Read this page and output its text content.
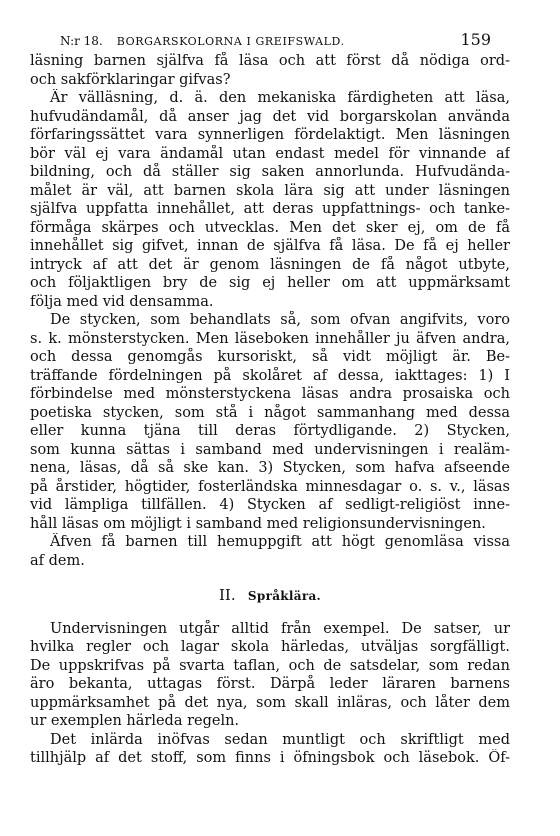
N:r 18. BORGARSKOLORNA I GREIFSWALD.	159
läsning barnen själfva få läsa och att först då nödiga ord-
och sakförklaringar gifvas?
Är välläsning, d. ä. den mekaniska färdigheten att läsa,
hufvudändamål, då anser jag det vid borgarskolan använda
förfaringssättet vara synnerligen fördelaktigt. Men läsningen
bör väl ej vara ändamål utan endast medel för vinnande af
bildning, och då ställer sig saken annorlunda. Hufvudända-
målet är väl, att barnen skola lära sig att under läsningen
själfva uppfatta innehållet, att deras uppfattnings- och tanke-
förmåga skärpes och utvecklas. Men det sker ej, om de få
innehållet sig gifvet, innan de själfva få läsa. De få ej heller
intryck af att det är genom läsningen de få något utbyte,
och följaktligen bry de sig ej heller om att uppmärksamt
följa med vid densamma.
De stycken, som behandlats så, som ofvan angifvits, voro
s. k. mönsterstycken. Men läseboken innehåller ju äfven andra,
och dessa genomgås kursoriskt, så vidt möjligt är. Be-
träffande fördelningen på skolåret af dessa, iakttages: 1) I
förbindelse med mönsterstyckena läsas andra prosaiska och
poetiska stycken, som stå i något sammanhang med dessa
eller kunna tjäna till deras förtydligande. 2) Stycken,
som kunna sättas i samband med undervisningen i realäm-
nena, läsas, då så ske kan. 3) Stycken, som hafva afseende
på årstider, högtider, fosterländska minnesdagar o. s. v., läsas
vid lämpliga tillfällen. 4) Stycken af sedligt-religiöst inne-
håll läsas om möjligt i samband med religionsundervisningen.
Äfven få barnen till hemuppgift att högt genomläsa vissa
af dem.
II. Språklära.
Undervisningen utgår alltid från exempel. De satser, ur
hvilka regler och lagar skola härledas, utväljas sorgfälligt.
De uppskrifvas på svarta taflan, och de satsdelar, som redan
äro bekanta, uttagas först. Därpå leder läraren barnens
uppmärksamhet på det nya, som skall inläras, och låter dem
ur exemplen härleda regeln.
Det inlärda inöfvas sedan muntligt och skriftligt med
tillhjälp af det stoff, som finns i öfningsbok och läsebok. Öf-
